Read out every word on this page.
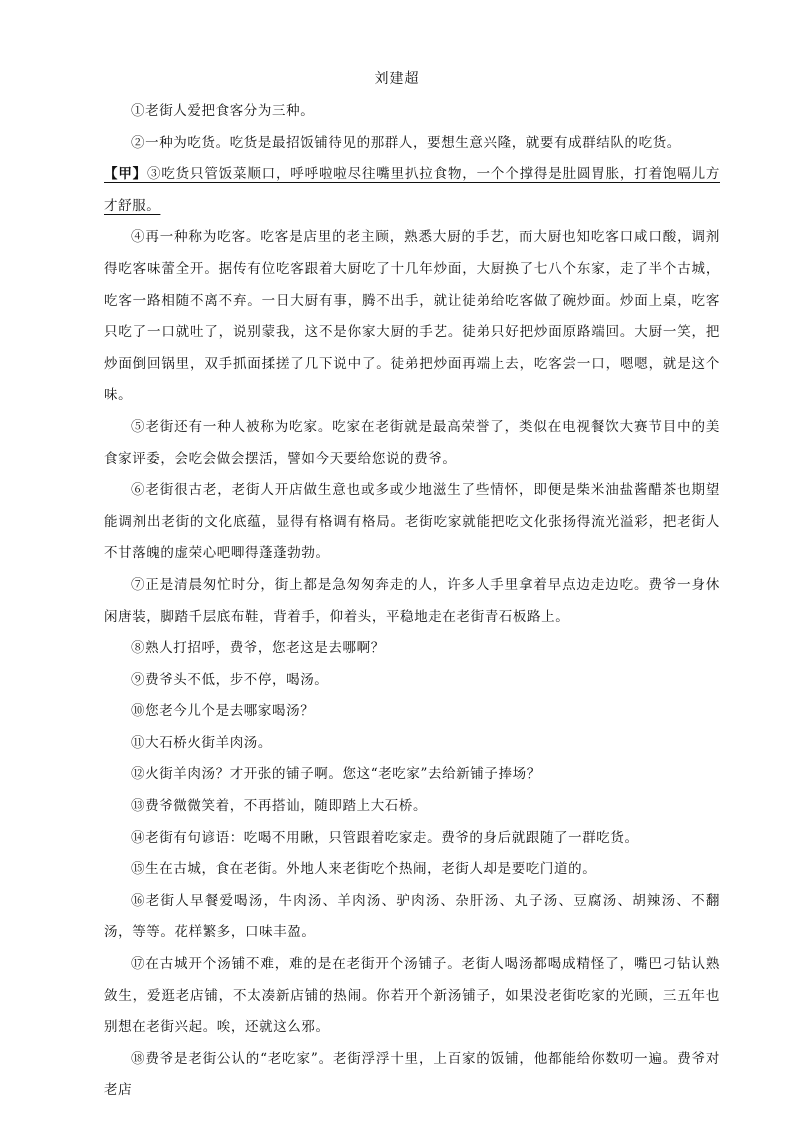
刘建超

①老街人爱把食客分为三种。

②一种为吃货。吃货是最招饭铺待见的那群人，要想生意兴隆，就要有成群结队的吃货。

【甲】③吃货只管饭菜顺口，呼呼啦啦尽往嘴里扒拉食物，一个个撑得是肚圆胃胀，打着饱嗝儿方才舒服。

④再一种称为吃客。吃客是店里的老主顾，熟悉大厨的手艺，而大厨也知吃客口咸口酸，调剂得吃客味蕾全开。据传有位吃客跟着大厨吃了十几年炒面，大厨换了七八个东家，走了半个古城，吃客一路相随不离不弃。一日大厨有事，腾不出手，就让徒弟给吃客做了碗炒面。炒面上桌，吃客只吃了一口就吐了，说别蒙我，这不是你家大厨的手艺。徒弟只好把炒面原路端回。大厨一笑，把炒面倒回锅里，双手抓面揉搓了几下说中了。徒弟把炒面再端上去，吃客尝一口，嗯嗯，就是这个味。

⑤老街还有一种人被称为吃家。吃家在老街就是最高荣誉了，类似在电视餐饮大赛节目中的美食家评委，会吃会做会摆活，譬如今天要给您说的费爷。

⑥老街很古老，老街人开店做生意也或多或少地滋生了些情怀，即便是柴米油盐酱醋茶也期望能调剂出老街的文化底蕴，显得有格调有格局。老街吃家就能把吃文化张扬得流光溢彩，把老街人不甘落魄的虚荣心吧唧得蓬蓬勃勃。

⑦正是清晨匆忙时分，街上都是急匆匆奔走的人，许多人手里拿着早点边走边吃。费爷一身休闲唐装，脚踏千层底布鞋，背着手，仰着头，平稳地走在老街青石板路上。

⑧熟人打招呼，费爷，您老这是去哪啊？

⑨费爷头不低，步不停，喝汤。

⑩您老今儿个是去哪家喝汤？

⑪大石桥火街羊肉汤。

⑫火街羊肉汤？才开张的铺子啊。您这“老吃家”去给新铺子捧场？

⑬费爷微微笑着，不再搭讪，随即踏上大石桥。

⑭老街有句谚语：吃喝不用瞅，只管跟着吃家走。费爷的身后就跟随了一群吃货。

⑮生在古城，食在老街。外地人来老街吃个热闹，老街人却是要吃门道的。

⑯老街人早餐爱喝汤，牛肉汤、羊肉汤、驴肉汤、杂肝汤、丸子汤、豆腐汤、胡辣汤、不翻汤，等等。花样繁多，口味丰盈。

⑰在古城开个汤铺不难，难的是在老街开个汤铺子。老街人喝汤都喝成精怪了，嘴巴刁钻认熟敛生，爱逛老店铺，不太凑新店铺的热闹。你若开个新汤铺子，如果没老街吃家的光顾，三五年也别想在老街兴起。唉，还就这么邪。

⑱费爷是老街公认的“老吃家”。老街浮浮十里，上百家的饭铺，他都能给你数叨一遍。费爷对老店
